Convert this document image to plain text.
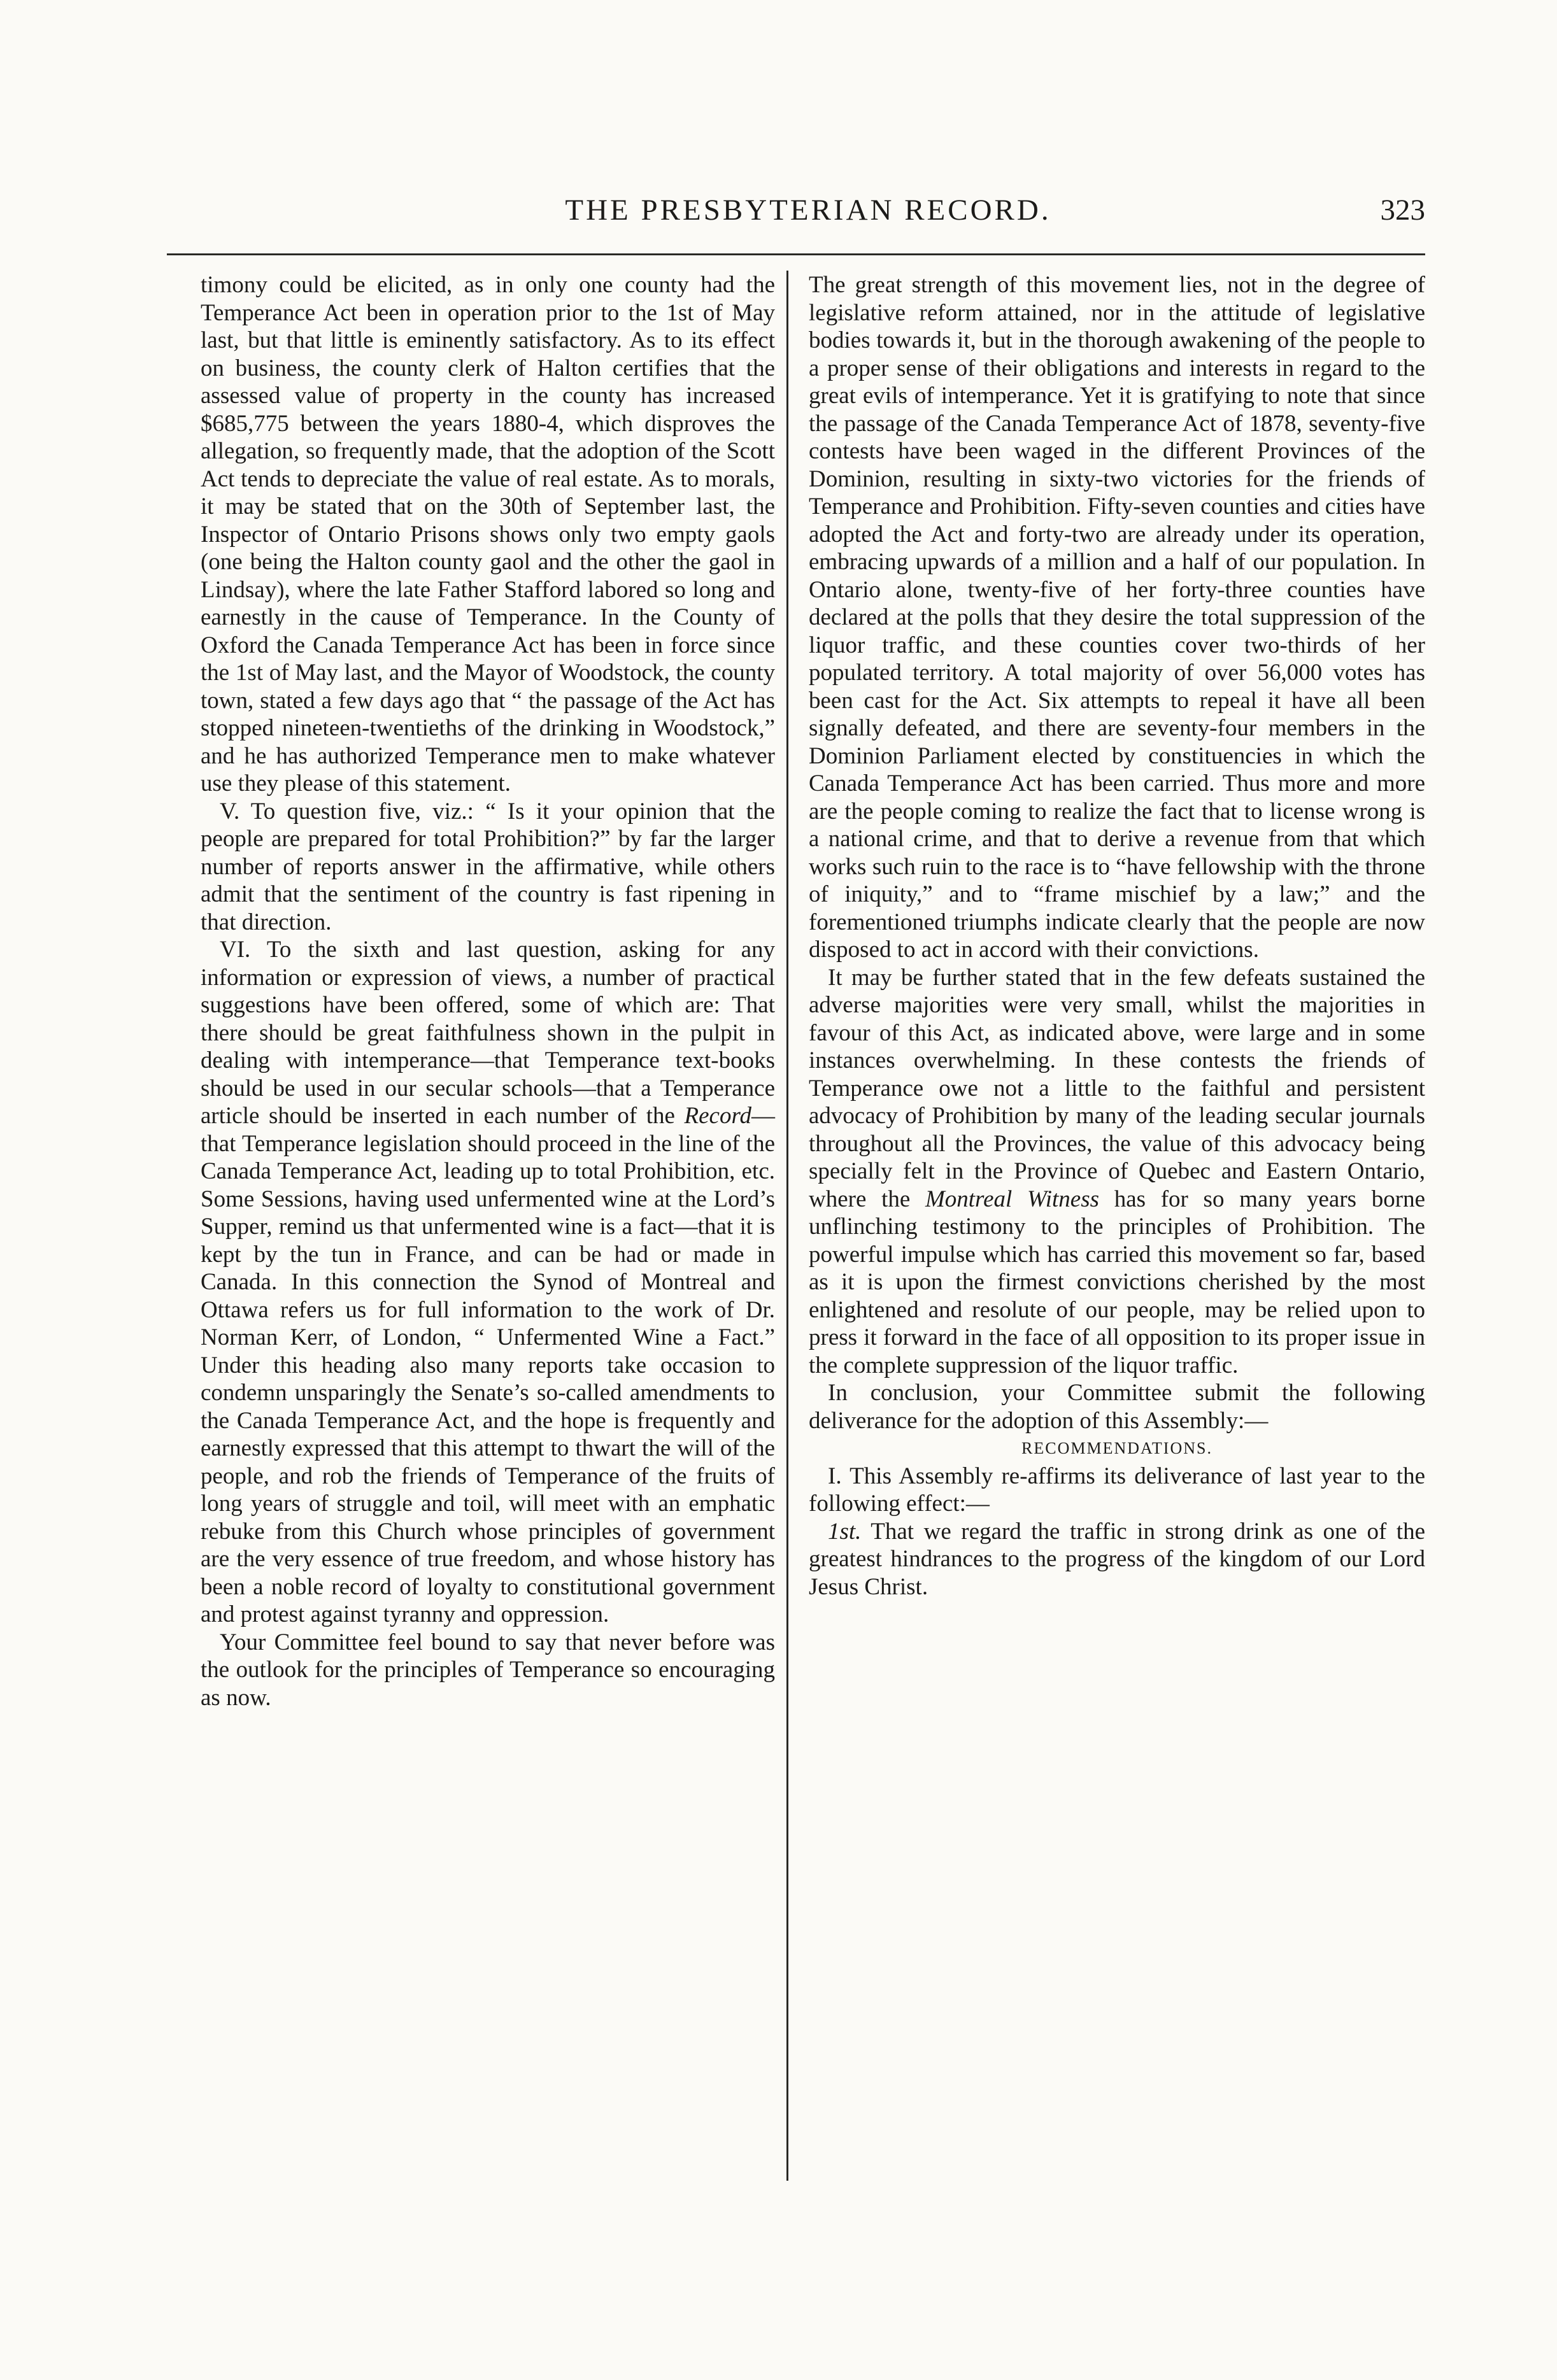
THE PRESBYTERIAN RECORD.	323

timony could be elicited, as in only one county had the Temperance Act been in operation prior to the 1st of May last, but that little is eminently satisfactory. As to its effect on business, the county clerk of Halton certifies that the assessed value of property in the county has increased $685,775 between the years 1880-4, which disproves the allegation, so frequently made, that the adoption of the Scott Act tends to depreciate the value of real estate. As to morals, it may be stated that on the 30th of September last, the Inspector of Ontario Prisons shows only two empty gaols (one being the Halton county gaol and the other the gaol in Lindsay), where the late Father Stafford labored so long and earnestly in the cause of Temperance. In the County of Oxford the Canada Temperance Act has been in force since the 1st of May last, and the Mayor of Woodstock, the county town, stated a few days ago that “ the passage of the Act has stopped nineteen-twentieths of the drinking in Woodstock,” and he has authorized Temperance men to make whatever use they please of this statement.

V. To question five, viz.: “ Is it your opinion that the people are prepared for total Prohibition?” by far the larger number of reports answer in the affirmative, while others admit that the sentiment of the country is fast ripening in that direction.

VI. To the sixth and last question, asking for any information or expression of views, a number of practical suggestions have been offered, some of which are: That there should be great faithfulness shown in the pulpit in dealing with intemperance—that Temperance text-books should be used in our secular schools—that a Temperance article should be inserted in each number of the Record—that Temperance legislation should proceed in the line of the Canada Temperance Act, leading up to total Prohibition, etc. Some Sessions, having used unfermented wine at the Lord’s Supper, remind us that unfermented wine is a fact—that it is kept by the tun in France, and can be had or made in Canada. In this connection the Synod of Montreal and Ottawa refers us for full information to the work of Dr. Norman Kerr, of London, “ Unfermented Wine a Fact.” Under this heading also many reports take occasion to condemn unsparingly the Senate’s so-called amendments to the Canada Temperance Act, and the hope is frequently and earnestly expressed that this attempt to thwart the will of the people, and rob the friends of Temperance of the fruits of long years of struggle and toil, will meet with an emphatic rebuke from this Church whose principles of government are the very essence of true freedom, and whose history has been a noble record of loyalty to constitutional government and protest against tyranny and oppression.

Your Committee feel bound to say that never before was the outlook for the principles of Temperance so encouraging as now.

The great strength of this movement lies, not in the degree of legislative reform attained, nor in the attitude of legislative bodies towards it, but in the thorough awakening of the people to a proper sense of their obligations and interests in regard to the great evils of intemperance. Yet it is gratifying to note that since the passage of the Canada Temperance Act of 1878, seventy-five contests have been waged in the different Provinces of the Dominion, resulting in sixty-two victories for the friends of Temperance and Prohibition. Fifty-seven counties and cities have adopted the Act and forty-two are already under its operation, embracing upwards of a million and a half of our population. In Ontario alone, twenty-five of her forty-three counties have declared at the polls that they desire the total suppression of the liquor traffic, and these counties cover two-thirds of her populated territory. A total majority of over 56,000 votes has been cast for the Act. Six attempts to repeal it have all been signally defeated, and there are seventy-four members in the Dominion Parliament elected by constituencies in which the Canada Temperance Act has been carried. Thus more and more are the people coming to realize the fact that to license wrong is a national crime, and that to derive a revenue from that which works such ruin to the race is to “have fellowship with the throne of iniquity,” and to “frame mischief by a law;” and the forementioned triumphs indicate clearly that the people are now disposed to act in accord with their convictions.

It may be further stated that in the few defeats sustained the adverse majorities were very small, whilst the majorities in favour of this Act, as indicated above, were large and in some instances overwhelming. In these contests the friends of Temperance owe not a little to the faithful and persistent advocacy of Prohibition by many of the leading secular journals throughout all the Provinces, the value of this advocacy being specially felt in the Province of Quebec and Eastern Ontario, where the Montreal Witness has for so many years borne unflinching testimony to the principles of Prohibition. The powerful impulse which has carried this movement so far, based as it is upon the firmest convictions cherished by the most enlightened and resolute of our people, may be relied upon to press it forward in the face of all opposition to its proper issue in the complete suppression of the liquor traffic.

In conclusion, your Committee submit the following deliverance for the adoption of this Assembly:—

RECOMMENDATIONS.

I. This Assembly re-affirms its deliverance of last year to the following effect:—

1st. That we regard the traffic in strong drink as one of the greatest hindrances to the progress of the kingdom of our Lord Jesus Christ.
